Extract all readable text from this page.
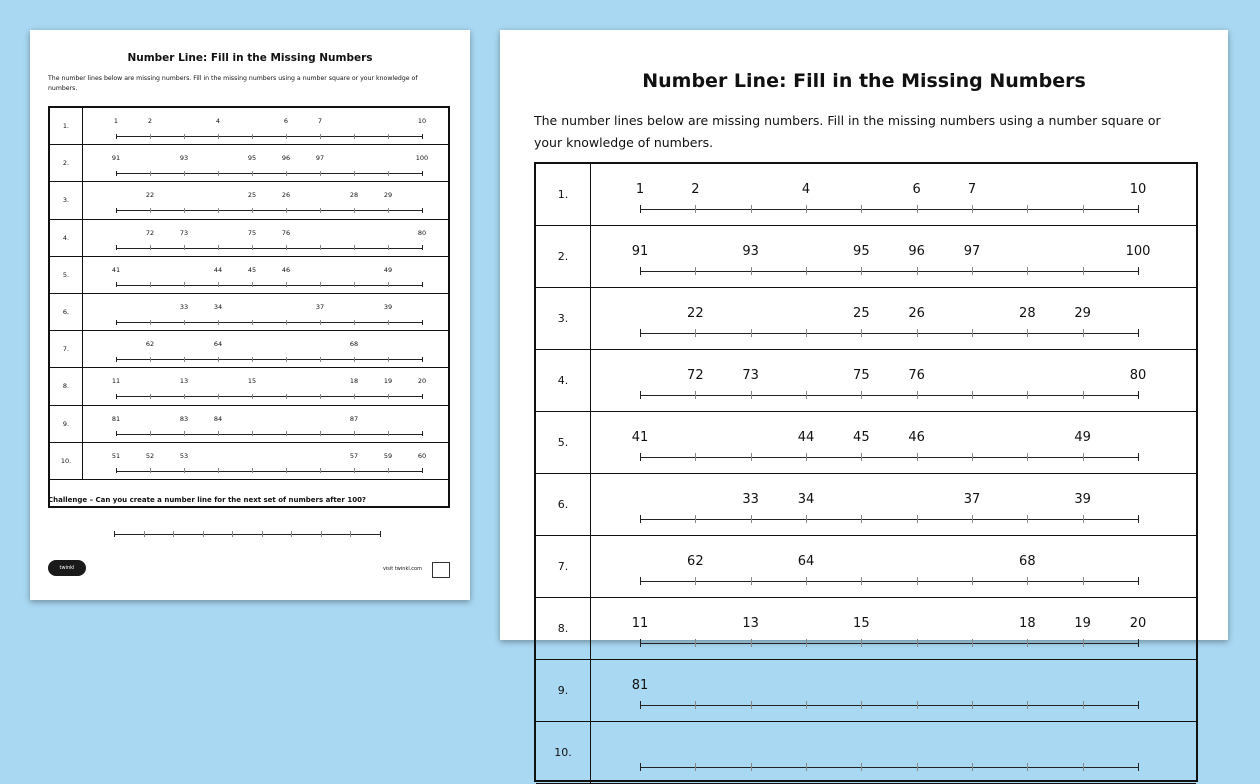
Number Line: Fill in the Missing Numbers
The number lines below are missing numbers. Fill in the missing numbers using a number square or your knowledge of numbers.
1.
1	2	4	6	7	10
2.
91	93	95	96	97	100
3.
22	25	26	28	29
4.
72	73	75	76	80
5.
41	44	45	46	49
6.
33	34	37	39
7.
62	64	68
8.
11	13	15	18	19	20
9.
81	83	84	87
10.
51	52	53	57	59	60
Challenge – Can you create a number line for the next set of numbers after 100?
twinkl	visit twinkl.com
Number Line: Fill in the Missing Numbers
The number lines below are missing numbers. Fill in the missing numbers using a number square or
your knowledge of numbers.
1.	1	2	4	6	7	10
2.	91	93	95	96	97	100
3.	22	25	26	28	29
4.	72	73	75	76	80
5.	41	44	45	46	49
6.	33	34	37	39
7.	62	64	68
8.	11	13	15	18	19	20
9.	81
10.
